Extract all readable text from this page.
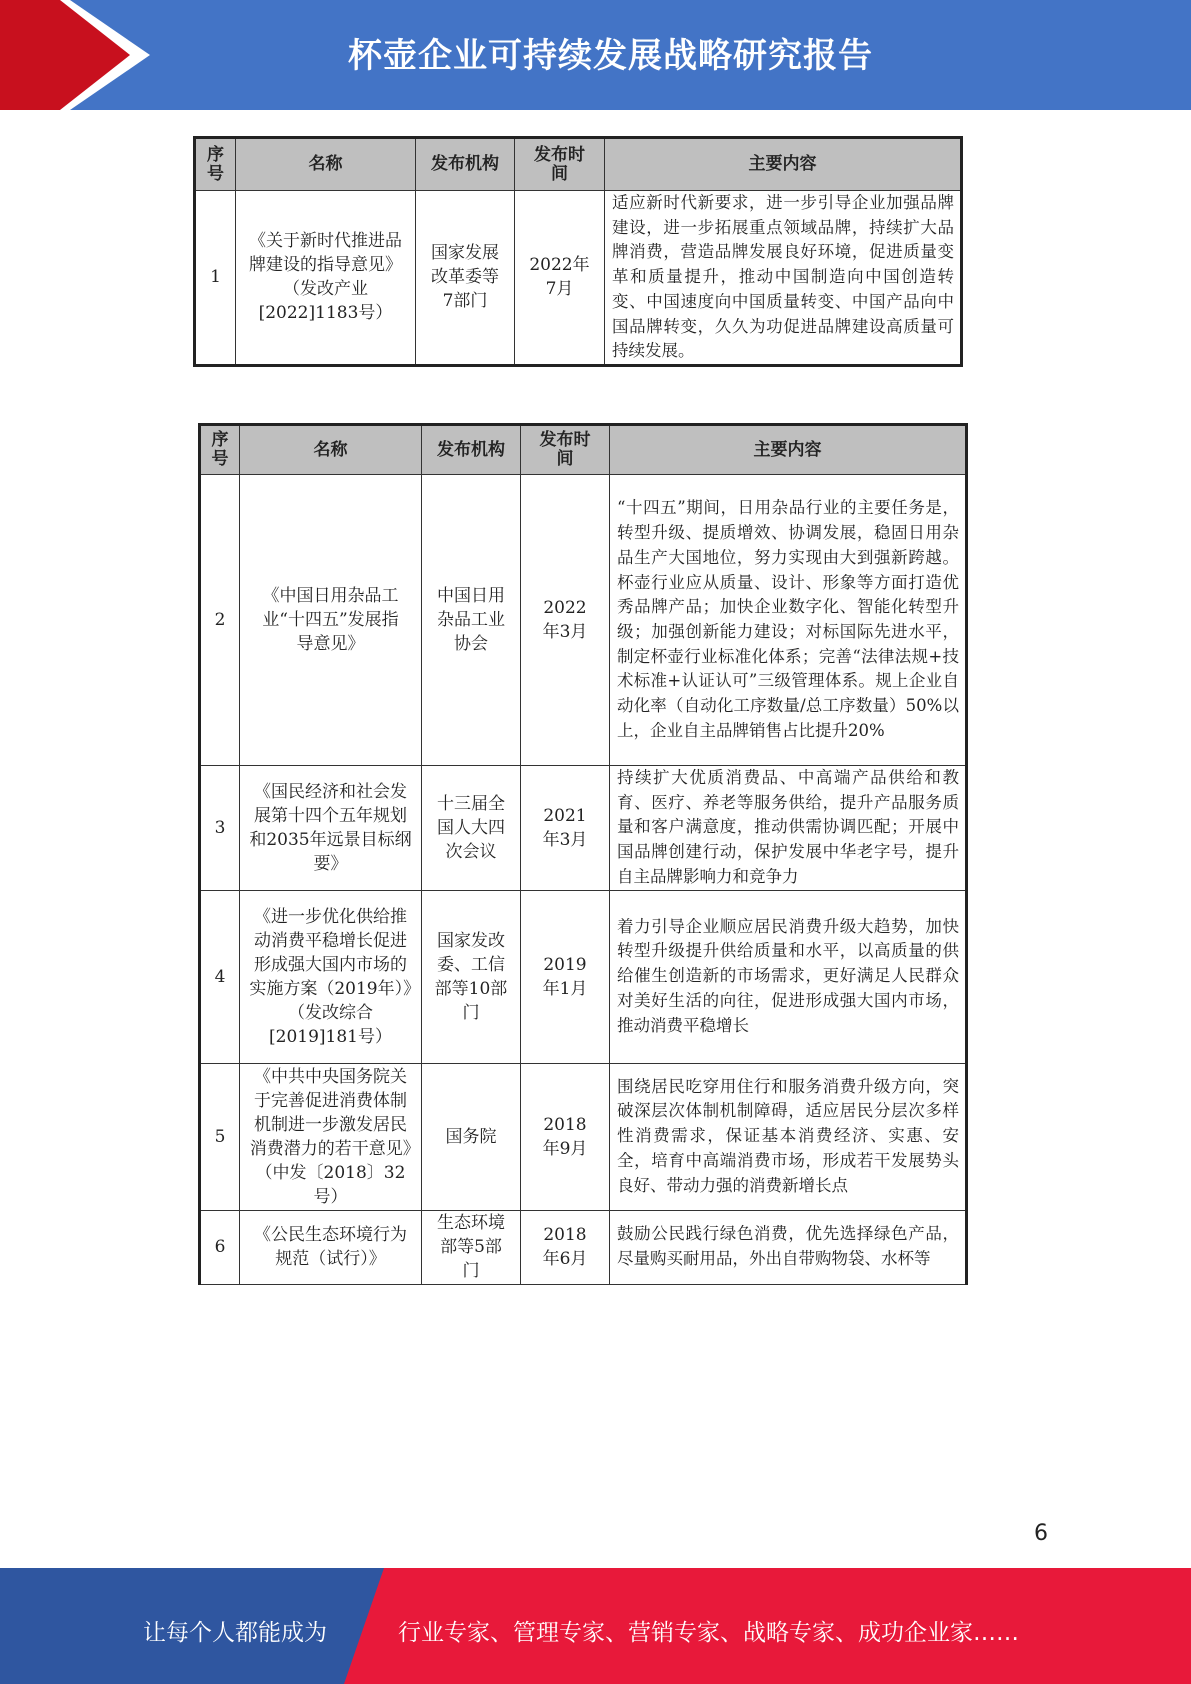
杯壶企业可持续发展战略研究报告
序号	名称	发布机构	发布时间	主要内容
1	《关于新时代推进品牌建设的指导意见》（发改产业[2022]1183号）	国家发展改革委等7部门	2022年7月	适应新时代新要求，进一步引导企业加强品牌建设，进一步拓展重点领域品牌，持续扩大品牌消费，营造品牌发展良好环境，促进质量变革和质量提升，推动中国制造向中国创造转变、中国速度向中国质量转变、中国产品向中国品牌转变，久久为功促进品牌建设高质量可持续发展。
序号	名称	发布机构	发布时间	主要内容
2	《中国日用杂品工业“十四五”发展指导意见》	中国日用杂品工业协会	2022年3月	“十四五”期间，日用杂品行业的主要任务是，转型升级、提质增效、协调发展，稳固日用杂品生产大国地位，努力实现由大到强新跨越。杯壶行业应从质量、设计、形象等方面打造优秀品牌产品；加快企业数字化、智能化转型升级；加强创新能力建设；对标国际先进水平，制定杯壶行业标准化体系；完善“法律法规+技术标准+认证认可”三级管理体系。规上企业自动化率（自动化工序数量/总工序数量）50%以上，企业自主品牌销售占比提升20%
3	《国民经济和社会发展第十四个五年规划和2035年远景目标纲要》	十三届全国人大四次会议	2021年3月	持续扩大优质消费品、中高端产品供给和教育、医疗、养老等服务供给，提升产品服务质量和客户满意度，推动供需协调匹配；开展中国品牌创建行动，保护发展中华老字号，提升自主品牌影响力和竞争力
4	《进一步优化供给推动消费平稳增长促进形成强大国内市场的实施方案（2019年）》（发改综合[2019]181号）	国家发改委、工信部等10部门	2019年1月	着力引导企业顺应居民消费升级大趋势，加快转型升级提升供给质量和水平，以高质量的供给催生创造新的市场需求，更好满足人民群众对美好生活的向往，促进形成强大国内市场，推动消费平稳增长
5	《中共中央国务院关于完善促进消费体制机制进一步激发居民消费潜力的若干意见》（中发〔2018〕32号）	国务院	2018年9月	围绕居民吃穿用住行和服务消费升级方向，突破深层次体制机制障碍，适应居民分层次多样性消费需求，保证基本消费经济、实惠、安全，培育中高端消费市场，形成若干发展势头良好、带动力强的消费新增长点
6	《公民生态环境行为规范（试行）》	生态环境部等5部门	2018年6月	鼓励公民践行绿色消费，优先选择绿色产品，尽量购买耐用品，外出自带购物袋、水杯等
6
让每个人都能成为	行业专家、管理专家、营销专家、战略专家、成功企业家……
